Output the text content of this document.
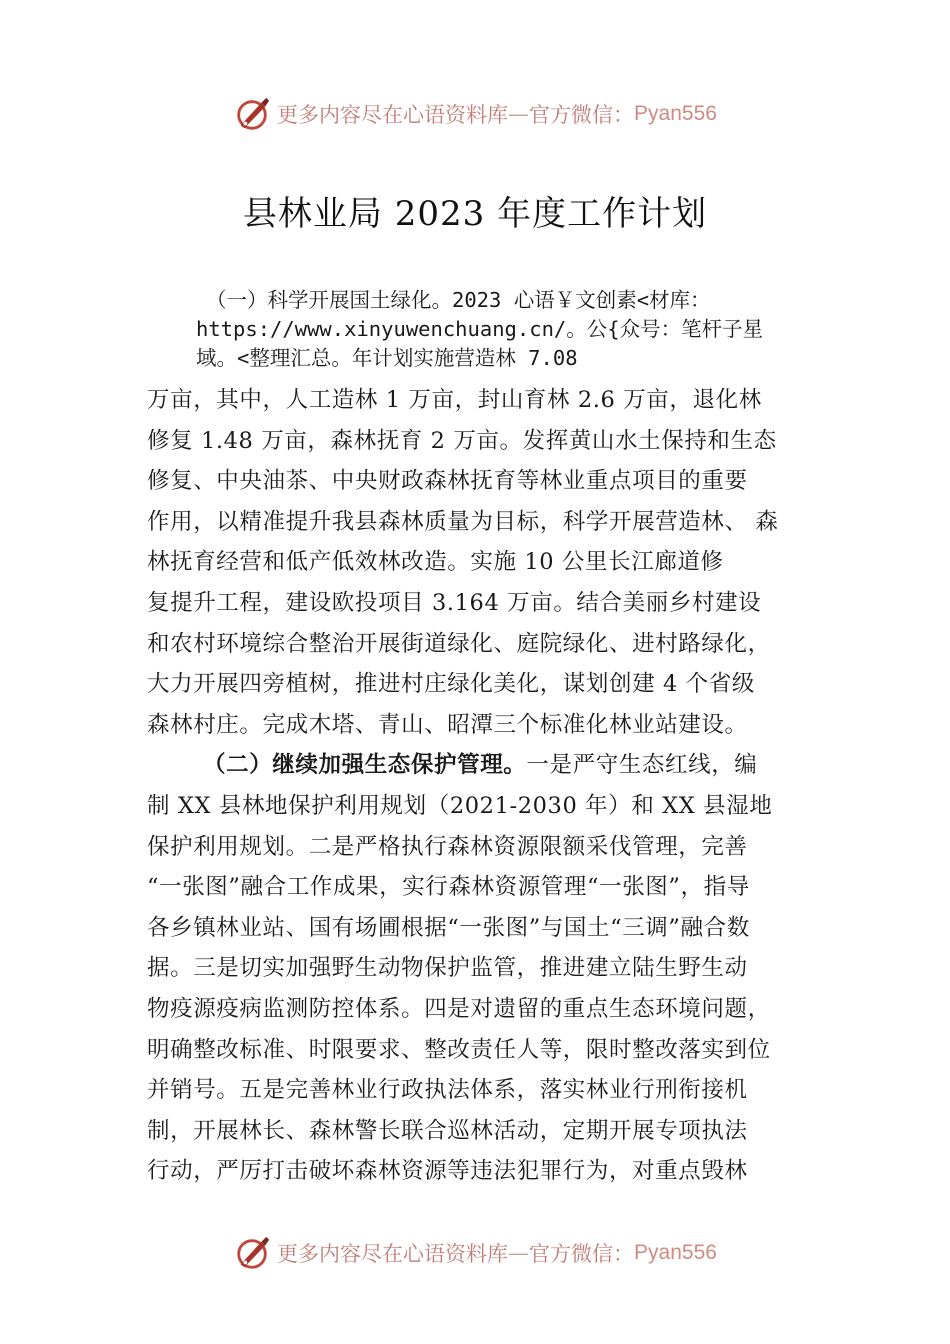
更多内容尽在心语资料库 — 官方微信： Pyan556
县林业局 2023 年度工作计划
（一）科学开展国土绿化。2023 心语￥文创素<材库：
https://www.xinyuwenchuang.cn/。公{众号：笔杆子星
域。<整理汇总。年计划实施营造林 7.08
万亩，其中，人工造林 1 万亩，封山育林 2.6 万亩，退化林
修复 1.48 万亩，森林抚育 2 万亩。发挥黄山水土保持和生态
修复、中央油茶、中央财政森林抚育等林业重点项目的重要
作用，以精准提升我县森林质量为目标，科学开展营造林、 森
林抚育经营和低产低效林改造。实施 10 公里长江廊道修
复提升工程，建设欧投项目 3.164 万亩。结合美丽乡村建设
和农村环境综合整治开展街道绿化、庭院绿化、进村路绿化，
大力开展四旁植树，推进村庄绿化美化，谋划创建 4 个省级
森林村庄。完成木塔、青山、昭潭三个标准化林业站建设。
（二）继续加强生态保护管理。一是严守生态红线，编
制 XX 县林地保护利用规划（2021-2030 年）和 XX 县湿地
保护利用规划。二是严格执行森林资源限额采伐管理，完善
“一张图”融合工作成果，实行森林资源管理“一张图”，指导
各乡镇林业站、国有场圃根据“一张图”与国土“三调”融合数
据。三是切实加强野生动物保护监管，推进建立陆生野生动
物疫源疫病监测防控体系。四是对遗留的重点生态环境问题，
明确整改标准、时限要求、整改责任人等，限时整改落实到位
并销号。五是完善林业行政执法体系，落实林业行刑衔接机
制，开展林长、森林警长联合巡林活动，定期开展专项执法
行动，严厉打击破坏森林资源等违法犯罪行为，对重点毁林
更多内容尽在心语资料库 — 官方微信： Pyan556
